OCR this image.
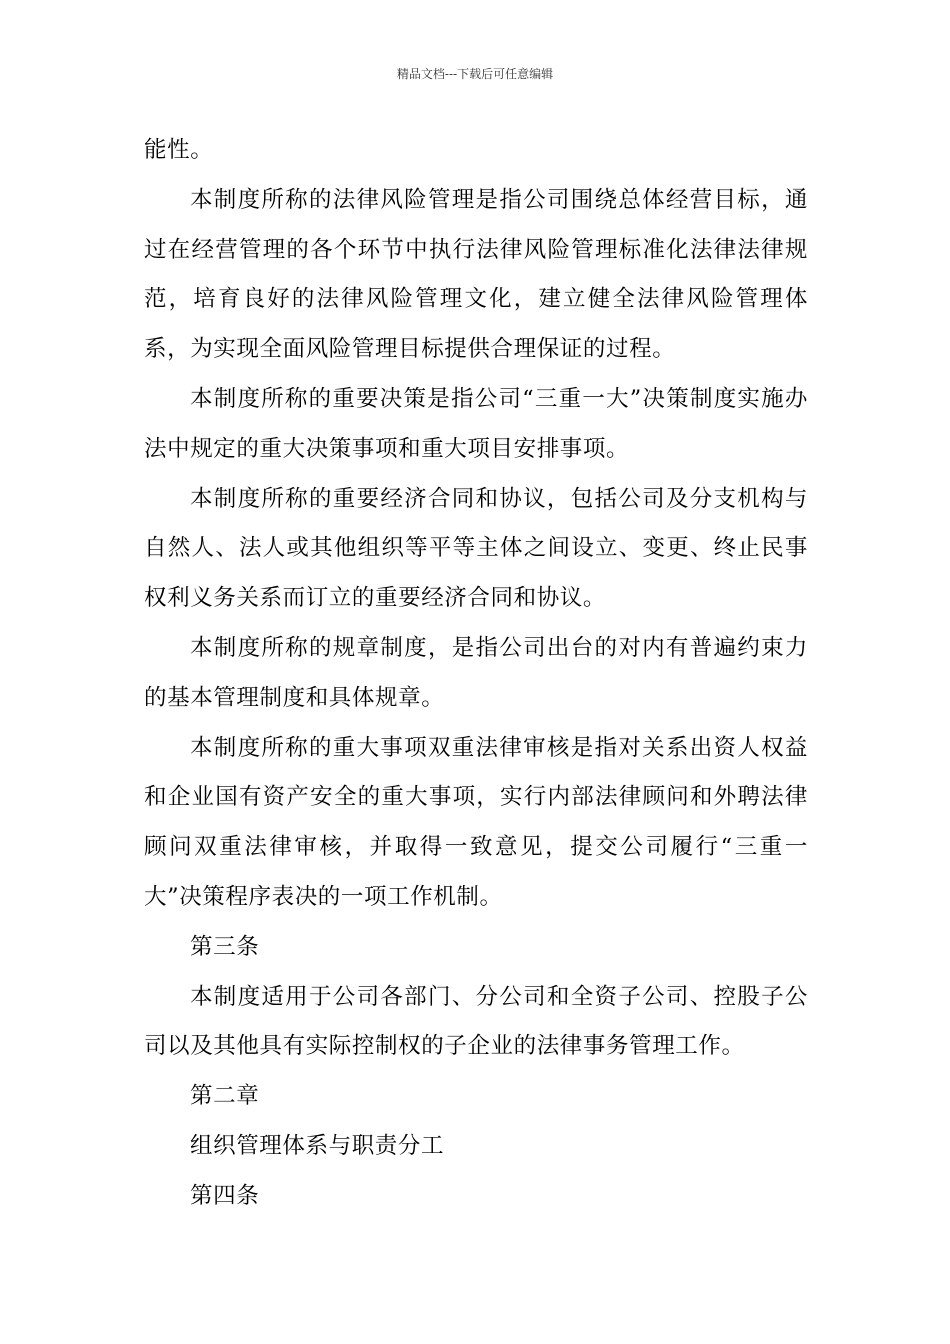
精品文档---下载后可任意编辑

能性。

本制度所称的法律风险管理是指公司围绕总体经营目标，通过在经营管理的各个环节中执行法律风险管理标准化法律法律规范，培育良好的法律风险管理文化，建立健全法律风险管理体系，为实现全面风险管理目标提供合理保证的过程。

本制度所称的重要决策是指公司“三重一大”决策制度实施办法中规定的重大决策事项和重大项目安排事项。

本制度所称的重要经济合同和协议，包括公司及分支机构与自然人、法人或其他组织等平等主体之间设立、变更、终止民事权利义务关系而订立的重要经济合同和协议。

本制度所称的规章制度，是指公司出台的对内有普遍约束力的基本管理制度和具体规章。

本制度所称的重大事项双重法律审核是指对关系出资人权益和企业国有资产安全的重大事项，实行内部法律顾问和外聘法律顾问双重法律审核，并取得一致意见，提交公司履行“三重一大”决策程序表决的一项工作机制。

第三条

本制度适用于公司各部门、分公司和全资子公司、控股子公司以及其他具有实际控制权的子企业的法律事务管理工作。

第二章

组织管理体系与职责分工

第四条
